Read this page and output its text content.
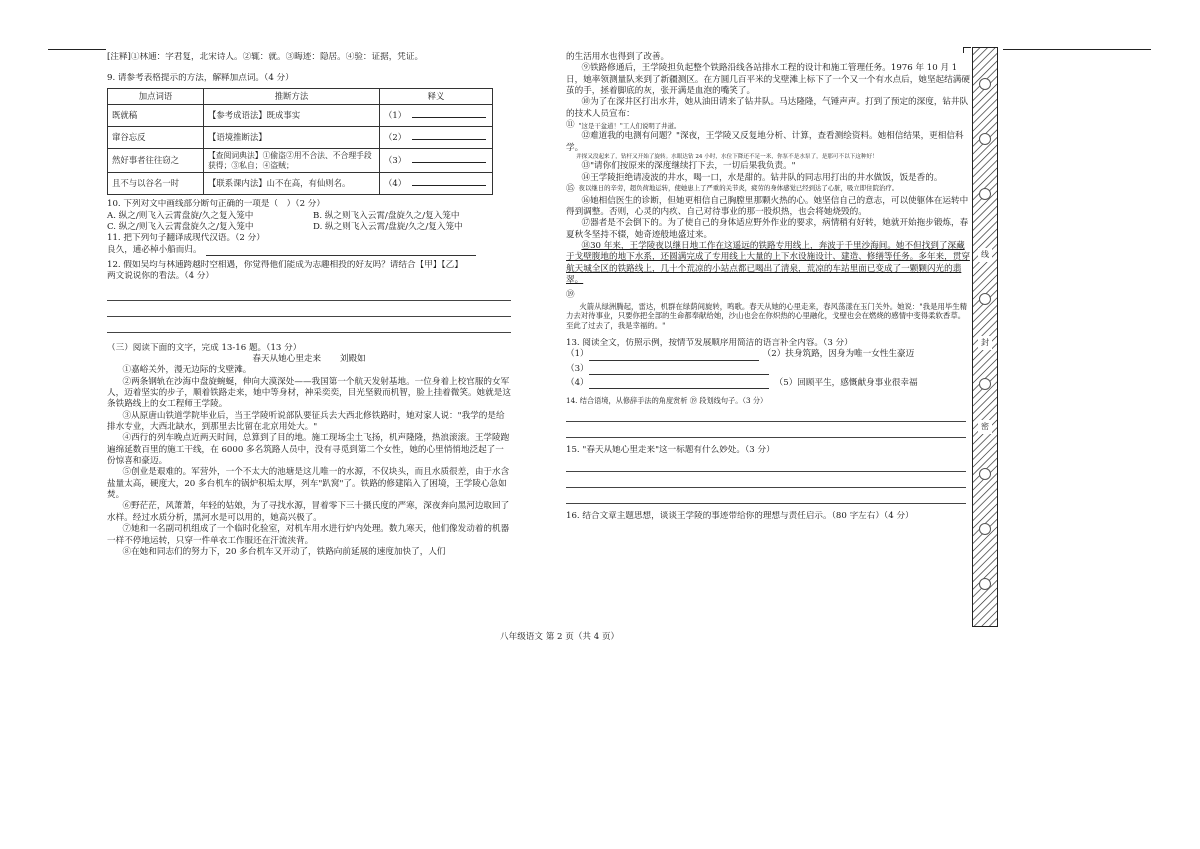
[注释]①林逋：字君复，北宋诗人。②辄：就。③晦迹：隐居。④验：证据，凭证。

9. 请参考表格提示的方法，解释加点词。（4 分）

加点词语	推断方法	释义
既就稿	【参考成语法】既成事实	（1）
窜谷忘反	【语境推断法】	（2）
然好事者往往窃之	【查阅词典法】①偷盗②用不合法、不合理手段获得；③私自；④盗贼；	（3）
且不与以谷名一时	【联系课内法】山不在高，有仙则名。	（4）

10. 下列对文中画线部分断句正确的一项是（　）（2 分）

A. 纵之/则飞入云霄盘旋/久之复入笼中	B. 纵之则飞入云霄/盘旋久之/复入笼中
C. 纵之/则飞入云霄盘旋久之/复入笼中	D. 纵之则飞入云霄/盘旋/久之/复入笼中

11. 把下列句子翻译成现代汉语。（2 分）

良久，逋必棹小船而归。

12. 假如吴均与林逋跨越时空相遇，你觉得他们能成为志趣相投的好友吗？请结合【甲】【乙】

两文说说你的看法。（4 分）

（三）阅读下面的文字，完成 13-16 题。（13 分）

春天从她心里走来 刘殿如

①嘉峪关外，漫无边际的戈壁滩。

②两条钢轨在沙海中盘旋蜿蜒，伸向大漠深处——我国第一个航天发射基地。一位身着上校官服的女军人，迈着坚实的步子，顺着铁路走来，她中等身材，神采奕奕，目光坚毅而机智，脸上挂着微笑。她就是这条铁路线上的女工程师王学陵。

③从原唐山铁道学院毕业后，当王学陵听说部队要征兵去大西北修铁路时，她对家人说："我学的是给排水专业，大西北缺水，到那里去比留在北京用处大。"

④西行的列车晚点近两天时间，总算到了目的地。施工现场尘土飞扬，机声隆隆，热浪滚滚。王学陵跑遍绵延数百里的施工干线，在 6000 多名筑路人员中，没有寻觅到第二个女性，她的心里悄悄地泛起了一份惊喜和豪迈。

⑤创业是艰难的。军营外，一个不太大的池塘是这儿唯一的水源，不仅块头，而且水质很差，由于水含盐量太高，硬度大，20 多台机车的锅炉积垢太厚，列车"趴窝"了。铁路的修建陷入了困境，王学陵心急如焚。

⑥野茫茫，风萧萧，年轻的姑娘，为了寻找水源，冒着零下三十摄氏度的严寒，深夜奔向黑河边取回了水样。经过水质分析，黑河水是可以用的，她高兴极了。

⑦她和一名副司机组成了一个临时化验室，对机车用水进行炉内处理。数九寒天，他们像发动着的机器一样不停地运转，只穿一件单衣工作服还在汗流浃背。

⑧在她和同志们的努力下，20 多台机车又开动了，铁路向前延展的速度加快了，人们

的生活用水也得到了改善。

⑨铁路修通后，王学陵担负起整个铁路沿线各站排水工程的设计和施工管理任务。1976 年 10 月 1 日，她率领测量队来到了新疆测区。在方圆几百平米的戈壁滩上标下了一个又一个有水点后，她坚起结满硬茧的手，拯着脚底的灰，张开满是血泡的嘴笑了。

⑩为了在深井区打出水井，她从油田请来了钻井队。马达隆隆，气锤声声。打到了预定的深度，钻井队的技术人员宣布：

⑪ "这是干盆道！"工人们说明了井道。

⑫难道我的电测有问题？"深夜，王学陵又反复地分析、计算，查看测绘资料。她相信结果，更相信科学。

并探又没起来了，钻杆又开始了旋转。水眼达钻 24 小时，水位下降还不足一米，你泵不是水泵了，是那可不以下这种好！

⑬"请你们按原来的深度继续打下去，一切后果我负责。"

⑭王学陵拒绝请凌波的井水，喝一口，水是甜的。钻井队的同志用打出的井水做饭，饭是香的。

⑮ 夜以继日的辛劳，超负荷地运转，使她患上了严重的关节炎，疲劳的身体感觉已经到达了心脏，吸立即住院治疗。

⑯她相信医生的诊断，但她更相信自己胸膛里那颗火热的心。她坚信自己的意志，可以使躯体在运转中得到调整。否则，心灵的内疚、自己对待事业的那一股炽热，也会将她烧毁的。

⑰器者是不会倒下的。为了使自己的身体适应野外作业的要求，病情稍有好转，她就开始拖步锻炼，春夏秋冬坚持不辍，她奇迹般地盛过来。

⑱30 年来，王学陵夜以继日地工作在这遥远的铁路专用线上，奔波于千里沙海间。她不但找到了深藏于戈壁腹地的地下水系，还圆满完成了专用线上大量的上下水设施设计、建造、修缮等任务。多年来，贯穿航天城全区的铁路线上，几十个荒凉的小站点都已喝出了清泉，荒凉的车站里面已变成了一颗颗闪光的翡翠。

⑲

火箭从绿洲腾起，雷达，机群在绿荫间旋转，鸣歌。春天从她的心里走来，春风荡漾在玉门关外。她说："我是用毕生精力去对待事业，只要你把全部的生命都奉献给她，沙山也会在你炽热的心里融化，戈壁也会在燃烧的感情中变得柔软香草。至此了过去了，我是幸福的。"

13. 阅读全文，仿照示例，按情节发展顺序用简洁的语言补全内容。（3 分）

（1）	（2）扶身筑路，因身为唯一女性生豪迈
（3）
（4）	（5）回顾平生，感慨献身事业很幸福

14. 结合语境，从修辞手法的角度赏析 ⑲ 段划线句子。（3 分）

15. "春天从她心里走来"这一标题有什么妙处。（3 分）

16. 结合文章主题思想，谈谈王学陵的事迹带给你的理想与责任启示。（80 字左右）（4 分）

八年级语文 第 2 页（共 4 页）
线
封
密
